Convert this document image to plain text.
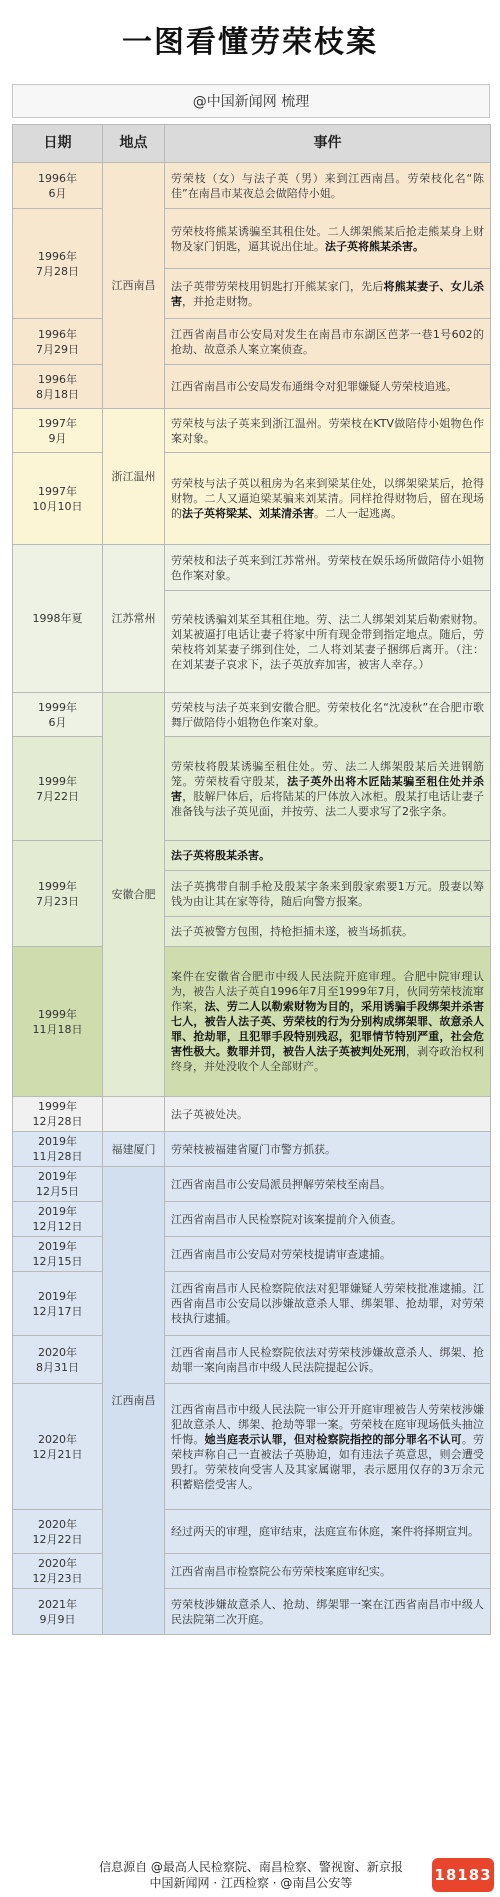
一图看懂劳荣枝案
@中国新闻网 梳理
日期	地点	事件
1996年
6月	江西南昌	劳荣枝（女）与法子英（男）来到江西南昌。劳荣枝化名“陈佳”在南昌市某夜总会做陪侍小姐。
1996年
7月28日		劳荣枝将熊某诱骗至其租住处。二人绑架熊某后抢走熊某身上财物及家门钥匙，逼其说出住址。法子英将熊某杀害。
		法子英带劳荣枝用钥匙打开熊某家门，先后将熊某妻子、女儿杀害，并抢走财物。
1996年
7月29日		江西省南昌市公安局对发生在南昌市东湖区芭茅一巷1号602的抢劫、故意杀人案立案侦查。
1996年
8月18日		江西省南昌市公安局发布通缉令对犯罪嫌疑人劳荣枝追逃。
1997年
9月	浙江温州	劳荣枝与法子英来到浙江温州。劳荣枝在KTV做陪侍小姐物色作案对象。
1997年
10月10日		劳荣枝与法子英以租房为名来到梁某住处，以绑架梁某后，抢得财物。二人又逼迫梁某骗来刘某清。同样抢得财物后，留在现场的法子英将梁某、刘某清杀害。二人一起逃离。
1998年夏	江苏常州	劳荣枝和法子英来到江苏常州。劳荣枝在娱乐场所做陪侍小姐物色作案对象。
		劳荣枝诱骗刘某至其租住地。劳、法二人绑架刘某后勒索财物。刘某被逼打电话让妻子将家中所有现金带到指定地点。随后，劳荣枝将刘某妻子绑到住处，二人将刘某妻子捆绑后离开。（注：在刘某妻子哀求下，法子英放弃加害，被害人幸存。）
1999年
6月	安徽合肥	劳荣枝与法子英来到安徽合肥。劳荣枝化名“沈凌秋”在合肥市歌舞厅做陪侍小姐物色作案对象。
1999年
7月22日		劳荣枝将殷某诱骗至租住处。劳、法二人绑架殷某后关进钢筋笼。劳荣枝看守殷某，法子英外出将木匠陆某骗至租住处并杀害，肢解尸体后，后将陆某的尸体放入冰柜。殷某打电话让妻子准备钱与法子英见面，并按劳、法二人要求写了2张字条。
1999年
7月23日		法子英将殷某杀害。
		法子英携带自制手枪及殷某字条来到殷家索要1万元。殷妻以筹钱为由让其在家等待，随后向警方报案。
		法子英被警方包围，持枪拒捕未遂，被当场抓获。
1999年
11月18日		案件在安徽省合肥市中级人民法院开庭审理。合肥中院审理认为，被告人法子英自1996年7月至1999年7月，伙同劳荣枝流窜作案，法、劳二人以勒索财物为目的，采用诱骗手段绑架并杀害七人，被告人法子英、劳荣枝的行为分别构成绑架罪、故意杀人罪、抢劫罪，且犯罪手段特别残忍，犯罪情节特别严重，社会危害性极大。数罪并罚，被告人法子英被判处死刑，剥夺政治权利终身，并处没收个人全部财产。
1999年
12月28日		法子英被处决。
2019年
11月28日	福建厦门	劳荣枝被福建省厦门市警方抓获。
2019年
12月5日	江西南昌	江西省南昌市公安局派员押解劳荣枝至南昌。
2019年
12月12日		江西省南昌市人民检察院对该案提前介入侦查。
2019年
12月15日		江西省南昌市公安局对劳荣枝提请审查逮捕。
2019年
12月17日		江西省南昌市人民检察院依法对犯罪嫌疑人劳荣枝批准逮捕。江西省南昌市公安局以涉嫌故意杀人罪、绑架罪、抢劫罪，对劳荣枝执行逮捕。
2020年
8月31日		江西省南昌市人民检察院依法对劳荣枝涉嫌故意杀人、绑架、抢劫罪一案向南昌市中级人民法院提起公诉。
2020年
12月21日		江西省南昌市中级人民法院一审公开开庭审理被告人劳荣枝涉嫌犯故意杀人、绑架、抢劫等罪一案。劳荣枝在庭审现场低头抽泣忏悔。她当庭表示认罪，但对检察院指控的部分罪名不认可。劳荣枝声称自己一直被法子英胁迫，如有违法子英意思，则会遭受毁打。劳荣枝向受害人及其家属谢罪，表示愿用仅存的3万余元积蓄赔偿受害人。
2020年
12月22日		经过两天的审理，庭审结束，法庭宣布休庭，案件将择期宣判。
2020年
12月23日		江西省南昌市检察院公布劳荣枝案庭审纪实。
2021年
9月9日		劳荣枝涉嫌故意杀人、抢劫、绑架罪一案在江西省南昌市中级人民法院第二次开庭。
信息源自 @最高人民检察院、南昌检察、警视窗、新京报
中国新闻网 · 江西检察 · @南昌公安等	18183
